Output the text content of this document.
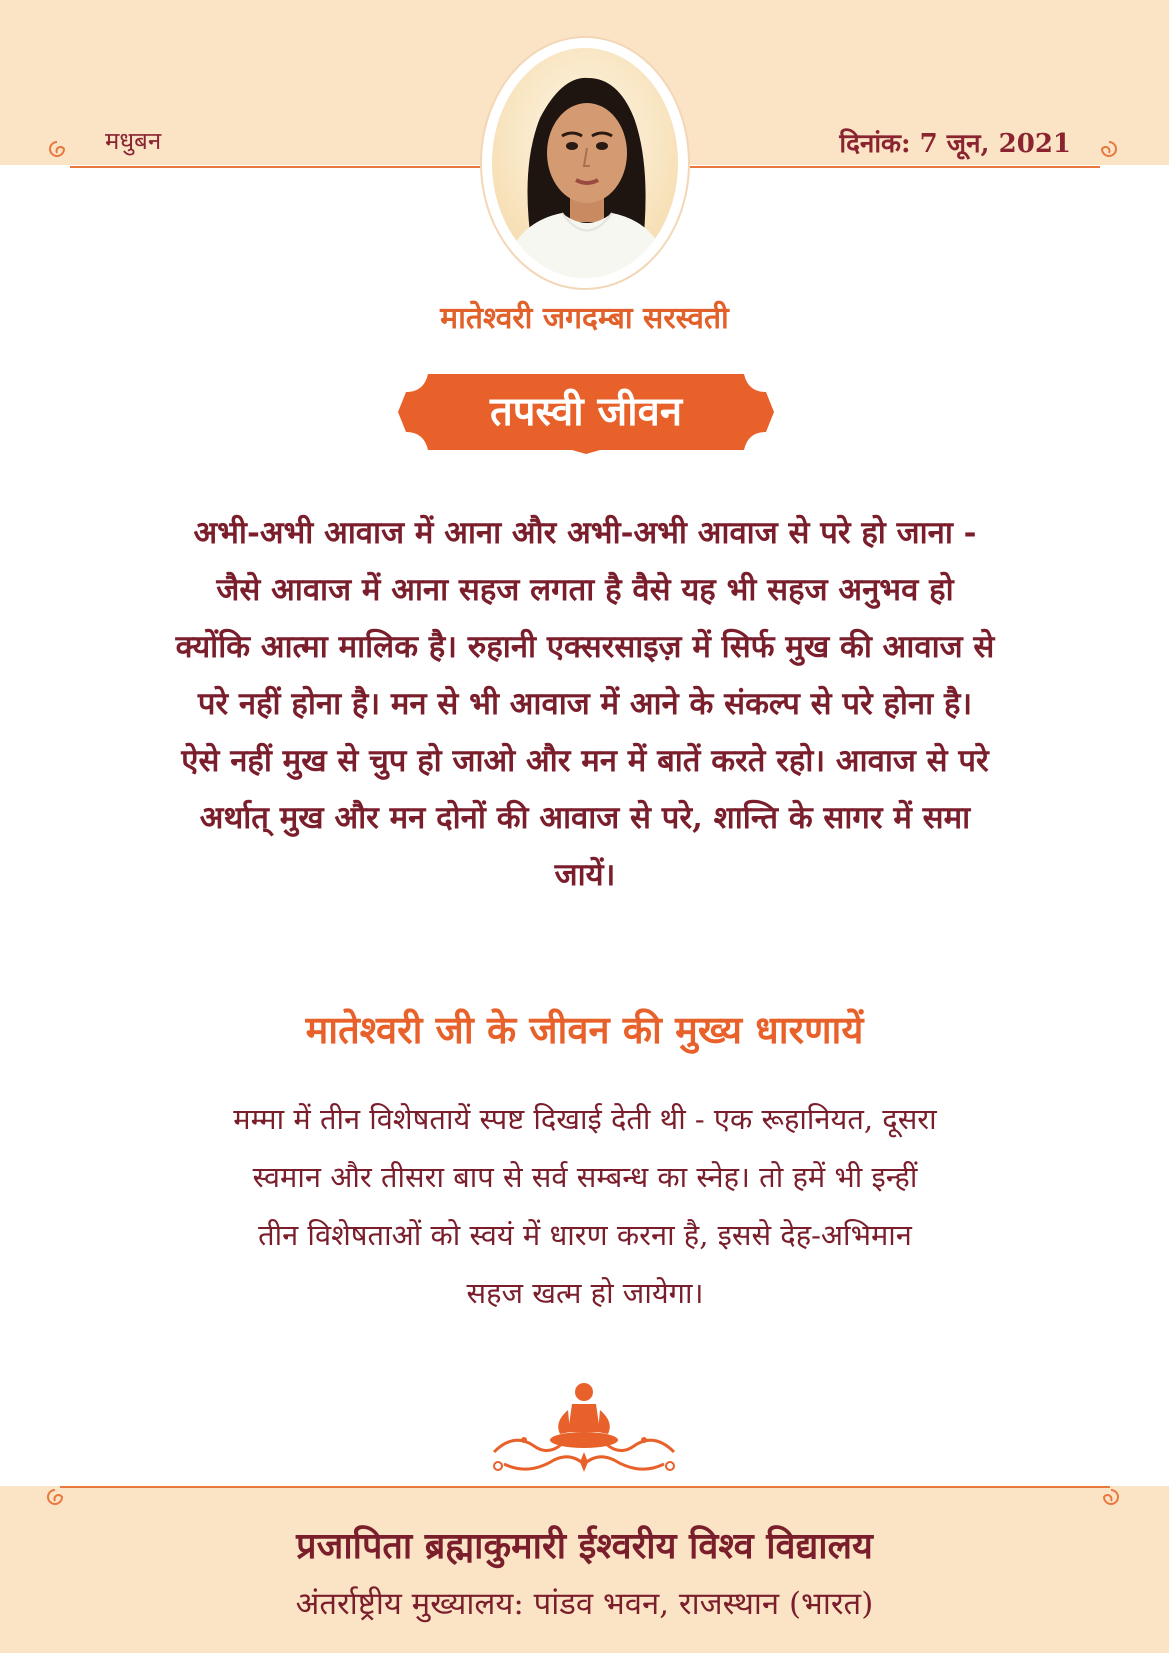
मधुबन	दिनांक: 7 जून, 2021
मातेश्वरी जगदम्बा सरस्वती
तपस्वी जीवन
अभी-अभी आवाज में आना और अभी-अभी आवाज से परे हो जाना - जैसे आवाज में आना सहज लगता है वैसे यह भी सहज अनुभव हो क्योंकि आत्मा मालिक है। रुहानी एक्सरसाइज़ में सिर्फ मुख की आवाज से परे नहीं होना है। मन से भी आवाज में आने के संकल्प से परे होना है। ऐसे नहीं मुख से चुप हो जाओ और मन में बातें करते रहो। आवाज से परे अर्थात् मुख और मन दोनों की आवाज से परे, शान्ति के सागर में समा जायें।
मातेश्वरी जी के जीवन की मुख्य धारणायें
मम्मा में तीन विशेषतायें स्पष्ट दिखाई देती थी - एक रूहानियत, दूसरा स्वमान और तीसरा बाप से सर्व सम्बन्ध का स्नेह। तो हमें भी इन्हीं तीन विशेषताओं को स्वयं में धारण करना है, इससे देह-अभिमान सहज खत्म हो जायेगा।
प्रजापिता ब्रह्माकुमारी ईश्वरीय विश्व विद्यालय
अंतर्राष्ट्रीय मुख्यालय: पांडव भवन, राजस्थान (भारत)
